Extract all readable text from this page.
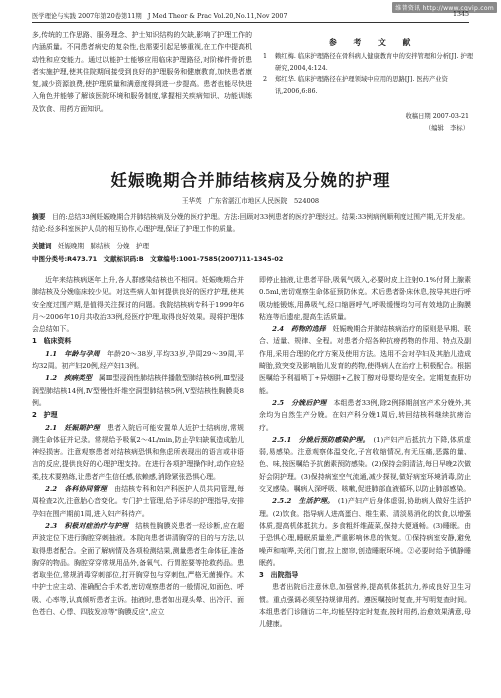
维普资讯 http://www.cqvip.com
医学理论与实践 2007年第20卷第11期　J Med Theor & Prac Vol.20,No.11,Nov 2007	1345

多,传统的工作思路、服务理念、护士知识结构的欠缺,影响了护理工作的内涵质量。不同患者病史的复杂性,也需要引起足够重视,在工作中提高机动性和应变能力。通过以能护士能够应用临床护理路径,对阶梯件骨折患者实施护理,使其住院期间接受到良好的护理服务和健康教育,加快患者康复,减少资源浪费,使护理质量和满意度得到进一步提高。患者也能尽快进入角色并能够了解该医院环境和服务制度,掌握相关疾病知识、功能训练及饮食、用药方面知识。

参 考 文 献
1	赖红梅. 临床护理路径在骨科病人健康教育中的安拌管理和分析[J]. 护理研究,2004,4:124.
2	郑红华. 临床护理路径在护理领域中应用的思路[J]. 医药产业资讯,2006,6:86.
收稿日期 2007-03-21
（编辑　李标）
妊娠晚期合并肺结核病及分娩的护理
王华英　广东省湛江市地区人民医院　524008
摘要　 目的:总结33例妊娠晚期合并肺结核病及分娩的医疗护理。方法:回顾对33例患者的医疗护理经过。结果:33例病例顺利度过围产期,无并发症。结论:经多科室医护人员的相互协作,心理护理,保证了护理工作的质量。
关键词　 妊娠晚期　肺结核　分娩　护理
中图分类号:R473.71　文献标识码:B　文章编号:1001-7585(2007)11-1345-02

近年来结核病逐年上升,各人群感染结核也不相同。妊娠晚期合并肺结核及分娩临床较少见。对这些病人如何提供良好的医疗护理,使其安全度过围产期,是值得关注探讨的问题。我院结核病专科于1999年6月～2006年10月共收治33例,经医疗护理,取得良好效果。现将护理体会总结如下。

1　临床资料

1.1　年龄与孕周　 年龄20～38岁,平均33岁,孕周29～39周,平均32周。初产妇20例,经产妇13例。

1.2　疾病类型　 属Ⅲ型浸润性肺结核伴播散型肺结核6例,Ⅲ型浸润型肺结核14例,Ⅳ型慢性纤维空洞型肺结核5例,Ⅴ型结核性胸膜炎8例。

2　护理

2.1　妊娠期护理　 患者入院后可能安置单人近护士结病房,常规测生命体征并记录。常规给予吸氧2～4L/min,防止孕妇缺氧造成胎儿神经损害。注意观察患者对结核病恐惧和焦虑所表现出的语言或非语言的反应,提供良好的心理护理支持。在进行各项护理操作时,动作应轻柔,技术要熟练,让患者产生信任感,依赖感,消除紧张恐惧心理。

2.2　各科协同管理　 由结核专科和妇产科医护人员共同管理,每周检查2次,注意胎心音变化。专门护士管理,给予详尽的护理指导,安排孕妇在围产期前1周,进入妇产科待产。

2.3　积极对症治疗与护理　 结核性胸膜炎患者一经诊断,应在超声波定位下进行胸腔穿刺抽液。本院向患者讲清胸穿的目的与方法,以取得患者配合。全面了解病情及各项检测结果,测量患者生命体征,准备胸穿的物品。胸腔穿穿常规用品外,备氧气、行胃腔要等抢救药品。患者取坐位,常规消毒穿刺部位,打开胸穿包与穿刺包,严格无菌操作。术中护士应主动、准确配合手术者,密切观察患者的一般情况,如面色、呼吸、心率等,认真倾听患者主诉。抽液时,患者如出现头晕、出冷汗、面色苍白、心悸、四肢发凉等"胸膜反应",应立

即停止抽液,让患者平卧,吸氧气吸入,必要时皮上注射0.1%付肾上腺素0.5ml,密切观察生命体征预防休克。术后患者卧床休息,按导其进行呼吸功能锻炼,用鼻吸气,经口缩唇呼气,呼吸缓慢均匀可有效地防止胸膜粘连等后遗症,提高生活质量。

2.4　药物的选择　 妊娠晚期合并肺结核病治疗的原则是早期、联合、适量、规律、全程。对患者介绍各种抗痨药物的作用、特点及副作用,采用合理的化疗方案及使用方法。选用不会对孕妇及其胎儿造成畸胎,致突变及影响胎儿发育的药物,使得病人在治疗上积极配合。根据医嘱给予利福喷丁+异烟肼+乙胺丁醇对母婴均是安全。定期复查肝功能。

2.5　分娩后护理　 本组患者33例,除2例择期剖宫产术分娩外,其余均为自然生产分娩。在妇产科分娩1周后,转回结核科继续抗痨治疗。

2.5.1　分娩后预防感染护理。　 (1)产妇产后抵抗力下降,体质虚弱,易感染。注意观察体温变化,子宫收缩情况,有无压痛,恶露的量、色、味,按医嘱给予抗菌素预防感染。(2)保持会阴清洁,每日早晚2次做好会阴护理。(3)保持病室空气流通,减少探视,做好病室环境消毒,防止交叉感染。嘱病人深呼吸、咳嗽,促进肺部血液循环,以防止肺部感染。

2.5.2　生活护理。　 (1)产妇产后身体虚弱,协助病人做好生活护理。(2)饮食。指导病人进高蛋白、维生素、清淡易消化的饮食,以增强体质,提高机体抵抗力。多食粗纤维蔬菜,保持大便通畅。(3)睡眠。由于恐惧心理,睡眠质量差,严重影响休息的恢复。①保持病室安静,避免噪声和喧哗,关闭门窗,拉上窗帘,创造睡眠环境。②必要时给予镇静睡眠药。

3　出院指导

患者出院后注意休息,加强营养,提高机体抵抗力,养成良好卫生习惯。重点强调必须坚持规律用药。遵医嘱按时复查,并写明复查时间。本组患者门诊随访二年,均能坚持定时复查,按时用药,治愈效果满意,母儿健康。
